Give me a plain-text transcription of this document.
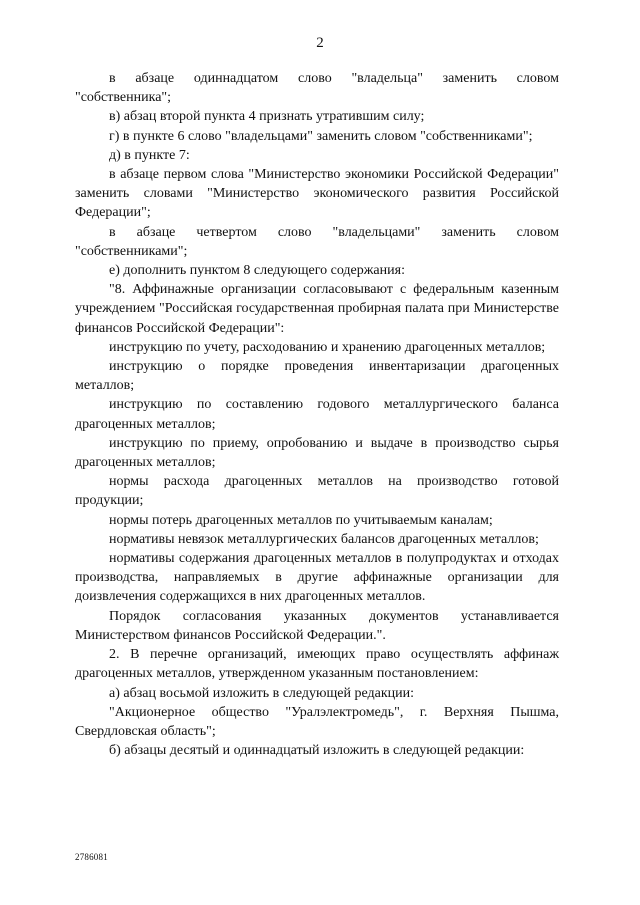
2

в абзаце одиннадцатом слово "владельца" заменить словом "собственника";

в) абзац второй пункта 4 признать утратившим силу;

г) в пункте 6 слово "владельцами" заменить словом "собственниками";

д) в пункте 7:

в абзаце первом слова "Министерство экономики Российской Федерации" заменить словами "Министерство экономического развития Российской Федерации";

в абзаце четвертом слово "владельцами" заменить словом "собственниками";

е) дополнить пунктом 8 следующего содержания:

"8. Аффинажные организации согласовывают с федеральным казенным учреждением "Российская государственная пробирная палата при Министерстве финансов Российской Федерации":

инструкцию по учету, расходованию и хранению драгоценных металлов;

инструкцию о порядке проведения инвентаризации драгоценных металлов;

инструкцию по составлению годового металлургического баланса драгоценных металлов;

инструкцию по приему, опробованию и выдаче в производство сырья драгоценных металлов;

нормы расхода драгоценных металлов на производство готовой продукции;

нормы потерь драгоценных металлов по учитываемым каналам;

нормативы невязок металлургических балансов драгоценных металлов;

нормативы содержания драгоценных металлов в полупродуктах и отходах производства, направляемых в другие аффинажные организации для доизвлечения содержащихся в них драгоценных металлов.

Порядок согласования указанных документов устанавливается Министерством финансов Российской Федерации.".

2. В перечне организаций, имеющих право осуществлять аффинаж драгоценных металлов, утвержденном указанным постановлением:

а) абзац восьмой изложить в следующей редакции:

"Акционерное общество "Уралэлектромедь", г. Верхняя Пышма, Свердловская область";

б) абзацы десятый и одиннадцатый изложить в следующей редакции:

2786081
